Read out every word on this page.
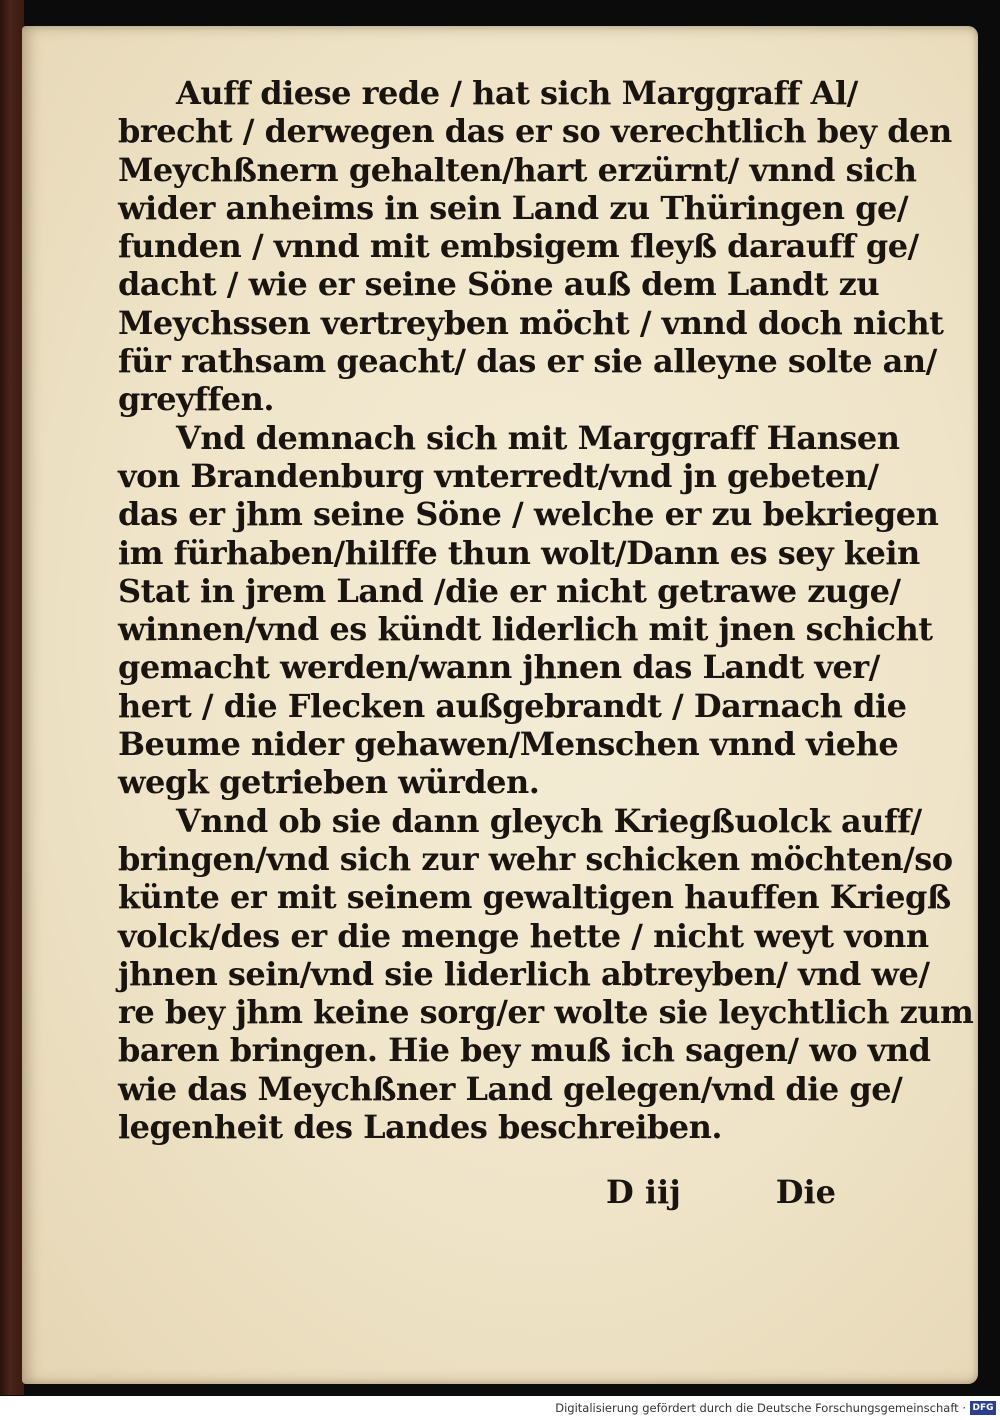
Auff diese rede / hat sich Marggraff Al/
brecht / derwegen das er so verechtlich bey den
Meychßnern gehalten/hart erzürnt/ vnnd sich
wider anheims in sein Land zu Thüringen ge/
funden / vnnd mit embsigem fleyß darauff ge/
dacht / wie er seine Söne auß dem Landt zu
Meychssen vertreyben möcht / vnnd doch nicht
für rathsam geacht/ das er sie alleyne solte an/
greyffen.
Vnd demnach sich mit Marggraff Hansen
von Brandenburg vnterredt/vnd jn gebeten/
das er jhm seine Söne / welche er zu bekriegen
im fürhaben/hilffe thun wolt/Dann es sey kein
Stat in jrem Land /die er nicht getrawe zuge/
winnen/vnd es kündt liderlich mit jnen schicht
gemacht werden/wann jhnen das Landt ver/
hert / die Flecken außgebrandt / Darnach die
Beume nider gehawen/Menschen vnnd viehe
wegk getrieben würden.
Vnnd ob sie dann gleych Kriegßuolck auff/
bringen/vnd sich zur wehr schicken möchten/so
künte er mit seinem gewaltigen hauffen Kriegß
volck/des er die menge hette / nicht weyt vonn
jhnen sein/vnd sie liderlich abtreyben/ vnd we/
re bey jhm keine sorg/er wolte sie leychtlich zum
baren bringen. Hie bey muß ich sagen/ wo vnd
wie das Meychßner Land gelegen/vnd die ge/
legenheit des Landes beschreiben.
D iij	Die
Digitalisierung gefördert durch die Deutsche Forschungsgemeinschaft · DFG
